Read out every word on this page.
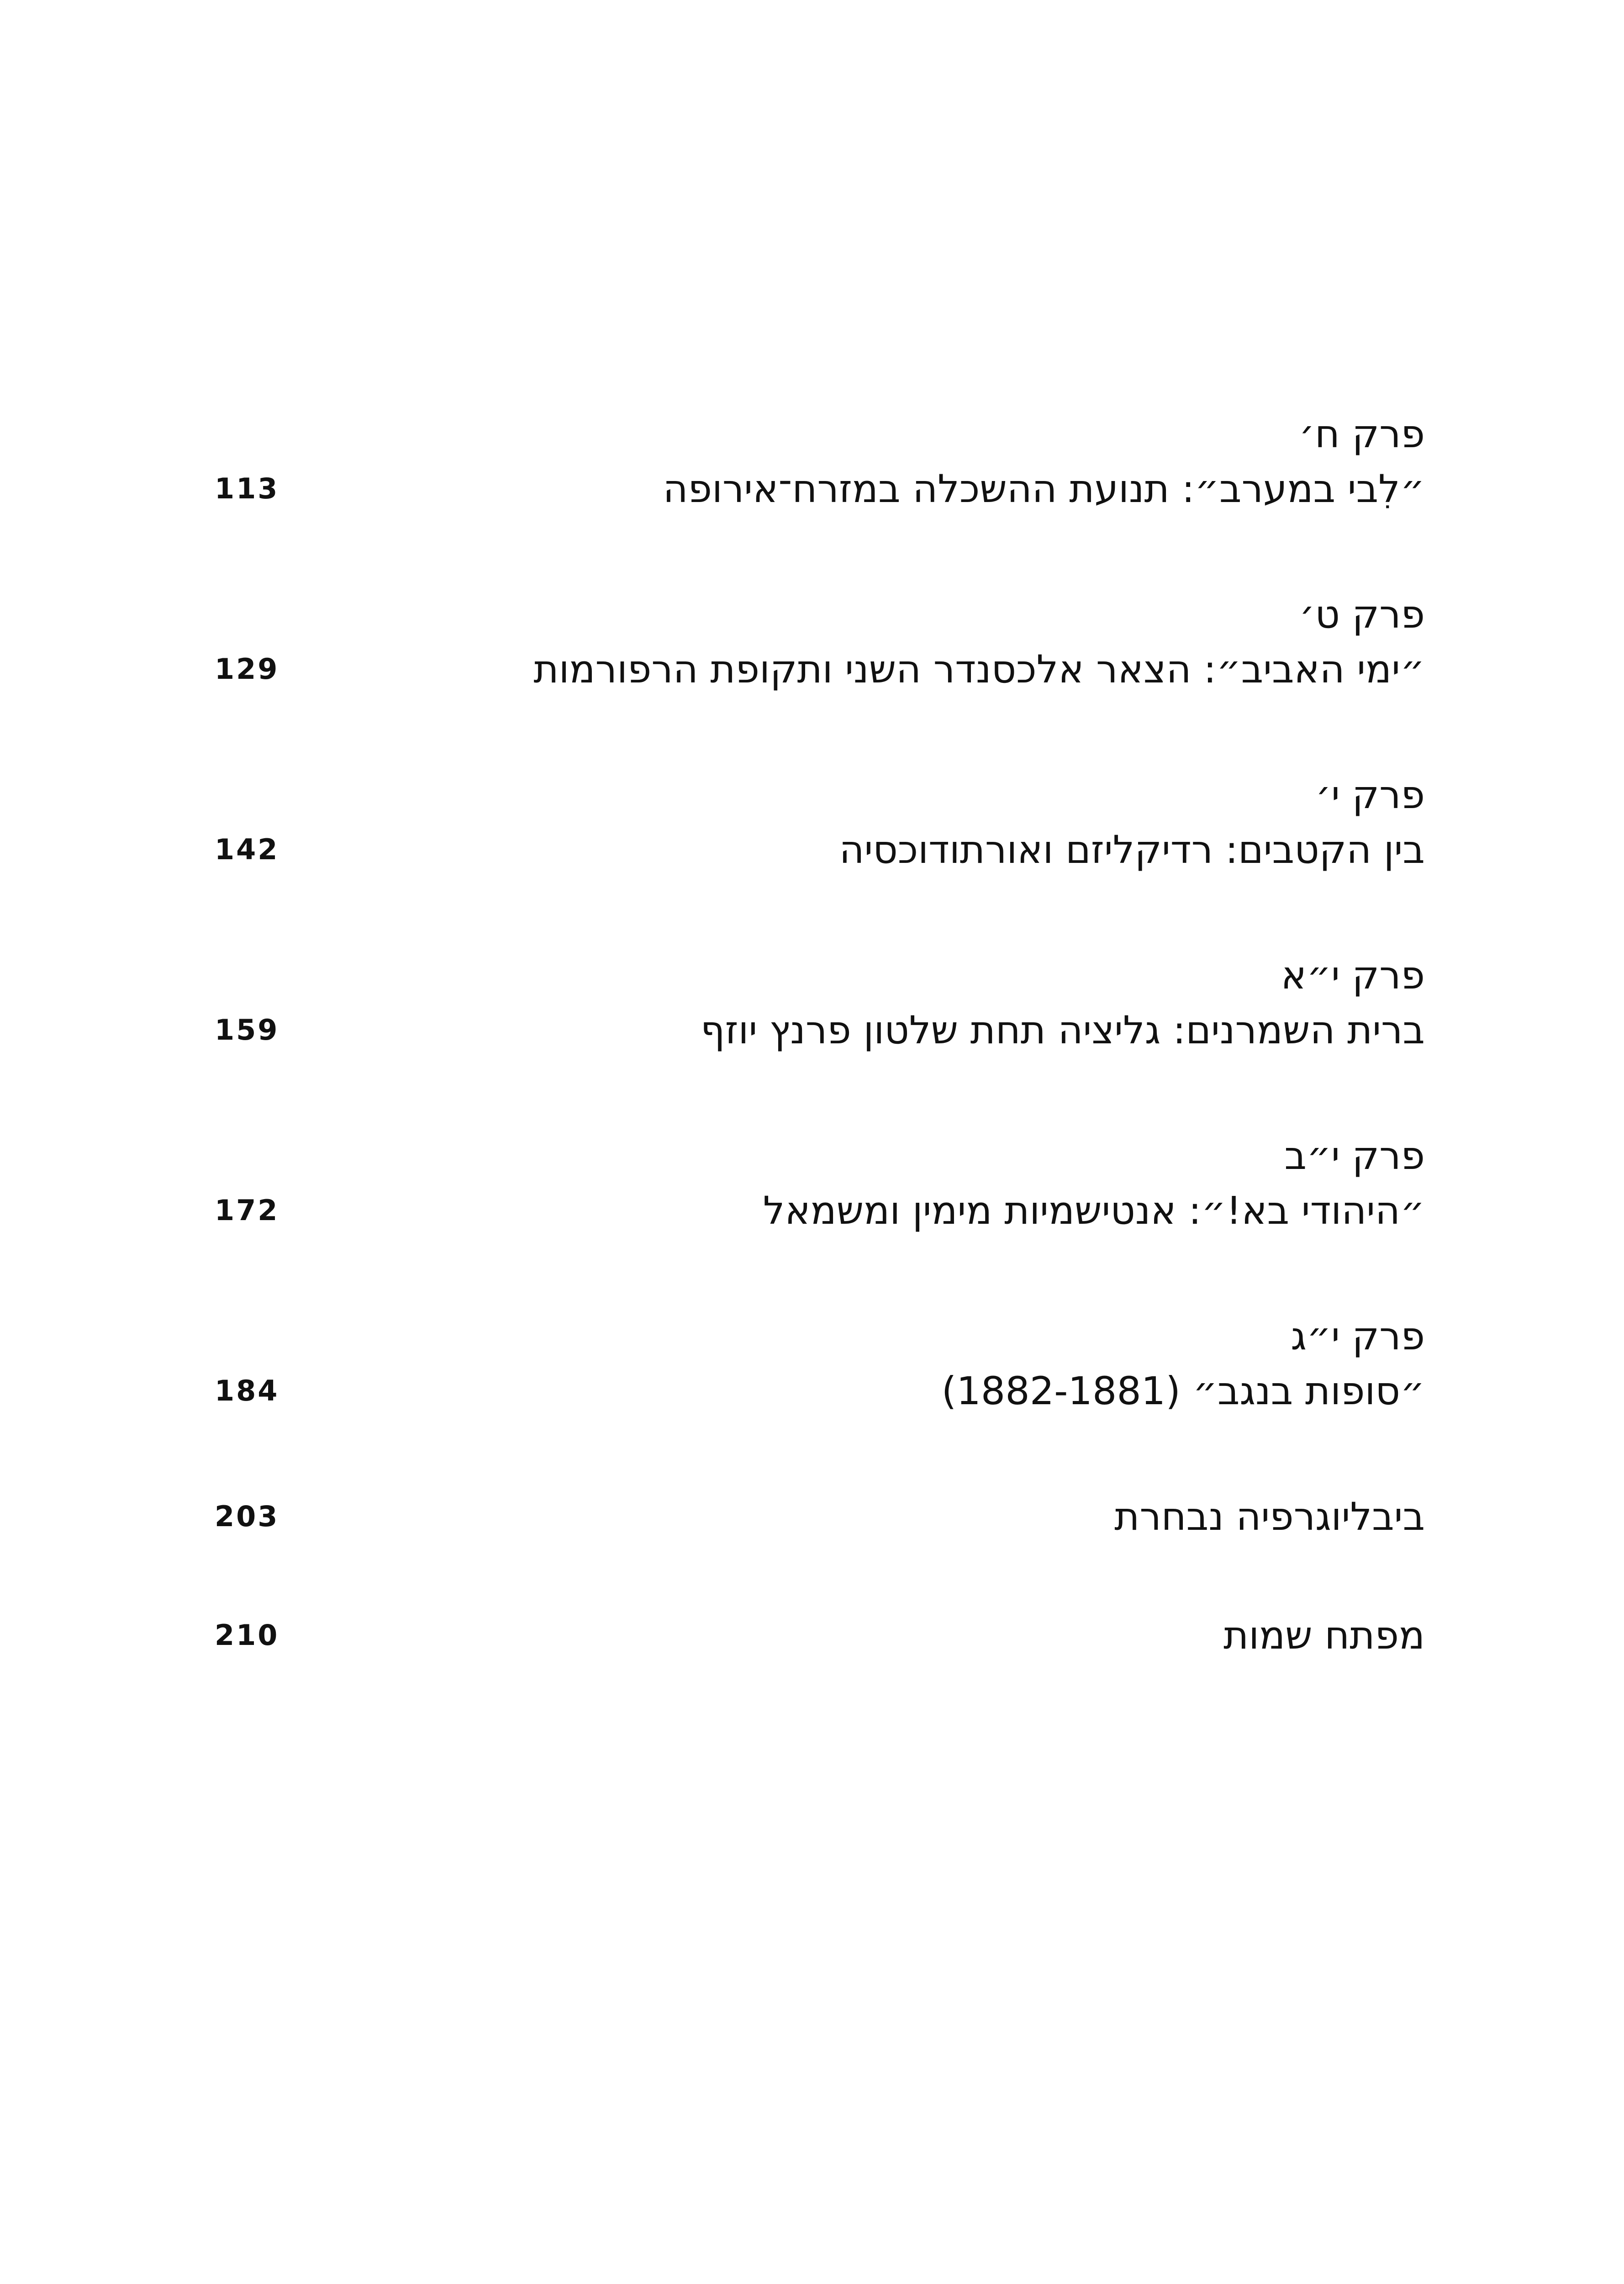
פרק ח׳
״לִבי במערב״: תנועת ההשכלה במזרח־אירופה
113
פרק ט׳
״ימי האביב״: הצאר אלכסנדר השני ותקופת הרפורמות
129
פרק י׳
בין הקטבים: רדיקליזם ואורתודוכסיה
142
פרק י״א
ברית השמרנים: גליציה תחת שלטון פרנץ יוזף
159
פרק י״ב
״היהודי בא!״: אנטישמיות מימין ומשמאל
172
פרק י״ג
״סופות בנגב״ (1882-1881)
184
ביבליוגרפיה נבחרת
203
מפתח שמות
210
